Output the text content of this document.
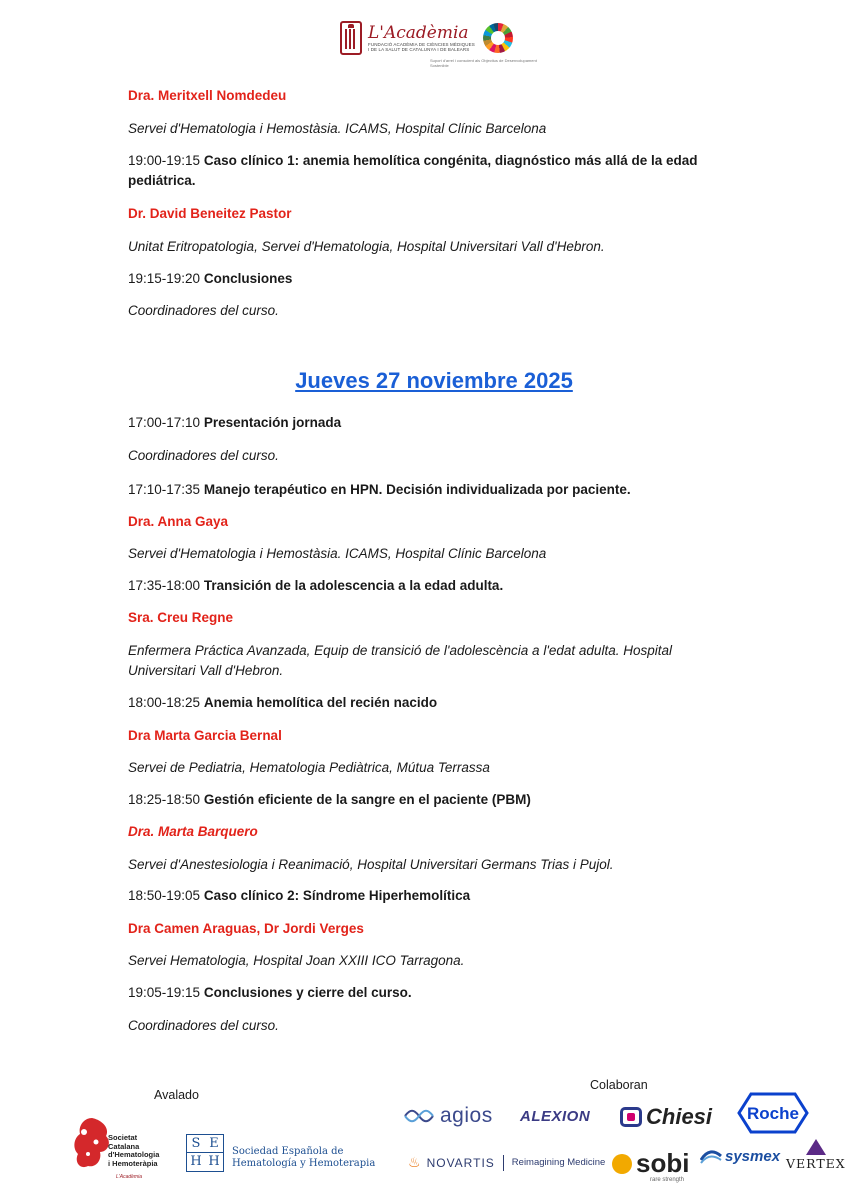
L'Acadèmia
FUNDACIÓ ACADÈMIA DE CIÈNCIES MÈDIQUES
I DE LA SALUT DE CATALUNYA I DE BALEARS
Suport d'arrel i conscient als Objectius de Desenvolupament Sostenible
Dra. Meritxell Nomdedeu
Servei d'Hematologia i Hemostàsia. ICAMS, Hospital Clínic Barcelona
19:00-19:15 Caso clínico 1: anemia hemolítica congénita, diagnóstico más allá de la edad
pediátrica.
Dr. David Beneitez Pastor
Unitat Eritropatologia, Servei d'Hematologia, Hospital Universitari Vall d'Hebron.
19:15-19:20 Conclusiones
Coordinadores del curso.
Jueves 27 noviembre 2025
17:00-17:10 Presentación jornada
Coordinadores del curso.
17:10-17:35 Manejo terapéutico en HPN. Decisión individualizada por paciente.
Dra. Anna Gaya
Servei d'Hematologia i Hemostàsia. ICAMS, Hospital Clínic Barcelona
17:35-18:00 Transición de la adolescencia a la edad adulta.
Sra. Creu Regne
Enfermera Práctica Avanzada, Equip de transició de l'adolescència a l'edat adulta. Hospital
Universitari Vall d'Hebron.
18:00-18:25 Anemia hemolítica del recién nacido
Dra Marta Garcia Bernal
Servei de Pediatria, Hematologia Pediàtrica, Mútua Terrassa
18:25-18:50 Gestión eficiente de la sangre en el paciente (PBM)
Dra. Marta Barquero
Servei d'Anestesiologia i Reanimació, Hospital Universitari Germans Trias i Pujol.
18:50-19:05 Caso clínico 2: Síndrome Hiperhemolítica
Dra Camen Araguas, Dr Jordi Verges
Servei Hematologia, Hospital Joan XXIII ICO Tarragona.
19:05-19:15 Conclusiones y cierre del curso.
Coordinadores del curso.
Avalado
Colaboran
Societat
Catalana
d'Hematologia
i Hemoteràpia
L'Acadèmia
S E
H H
Sociedad Española de
Hematología y Hemoterapia
agios ALEXION	Chiesi Roche
♨ NOVARTIS Reimagining Medicine sobi
rare strength
sysmex VERTEX
